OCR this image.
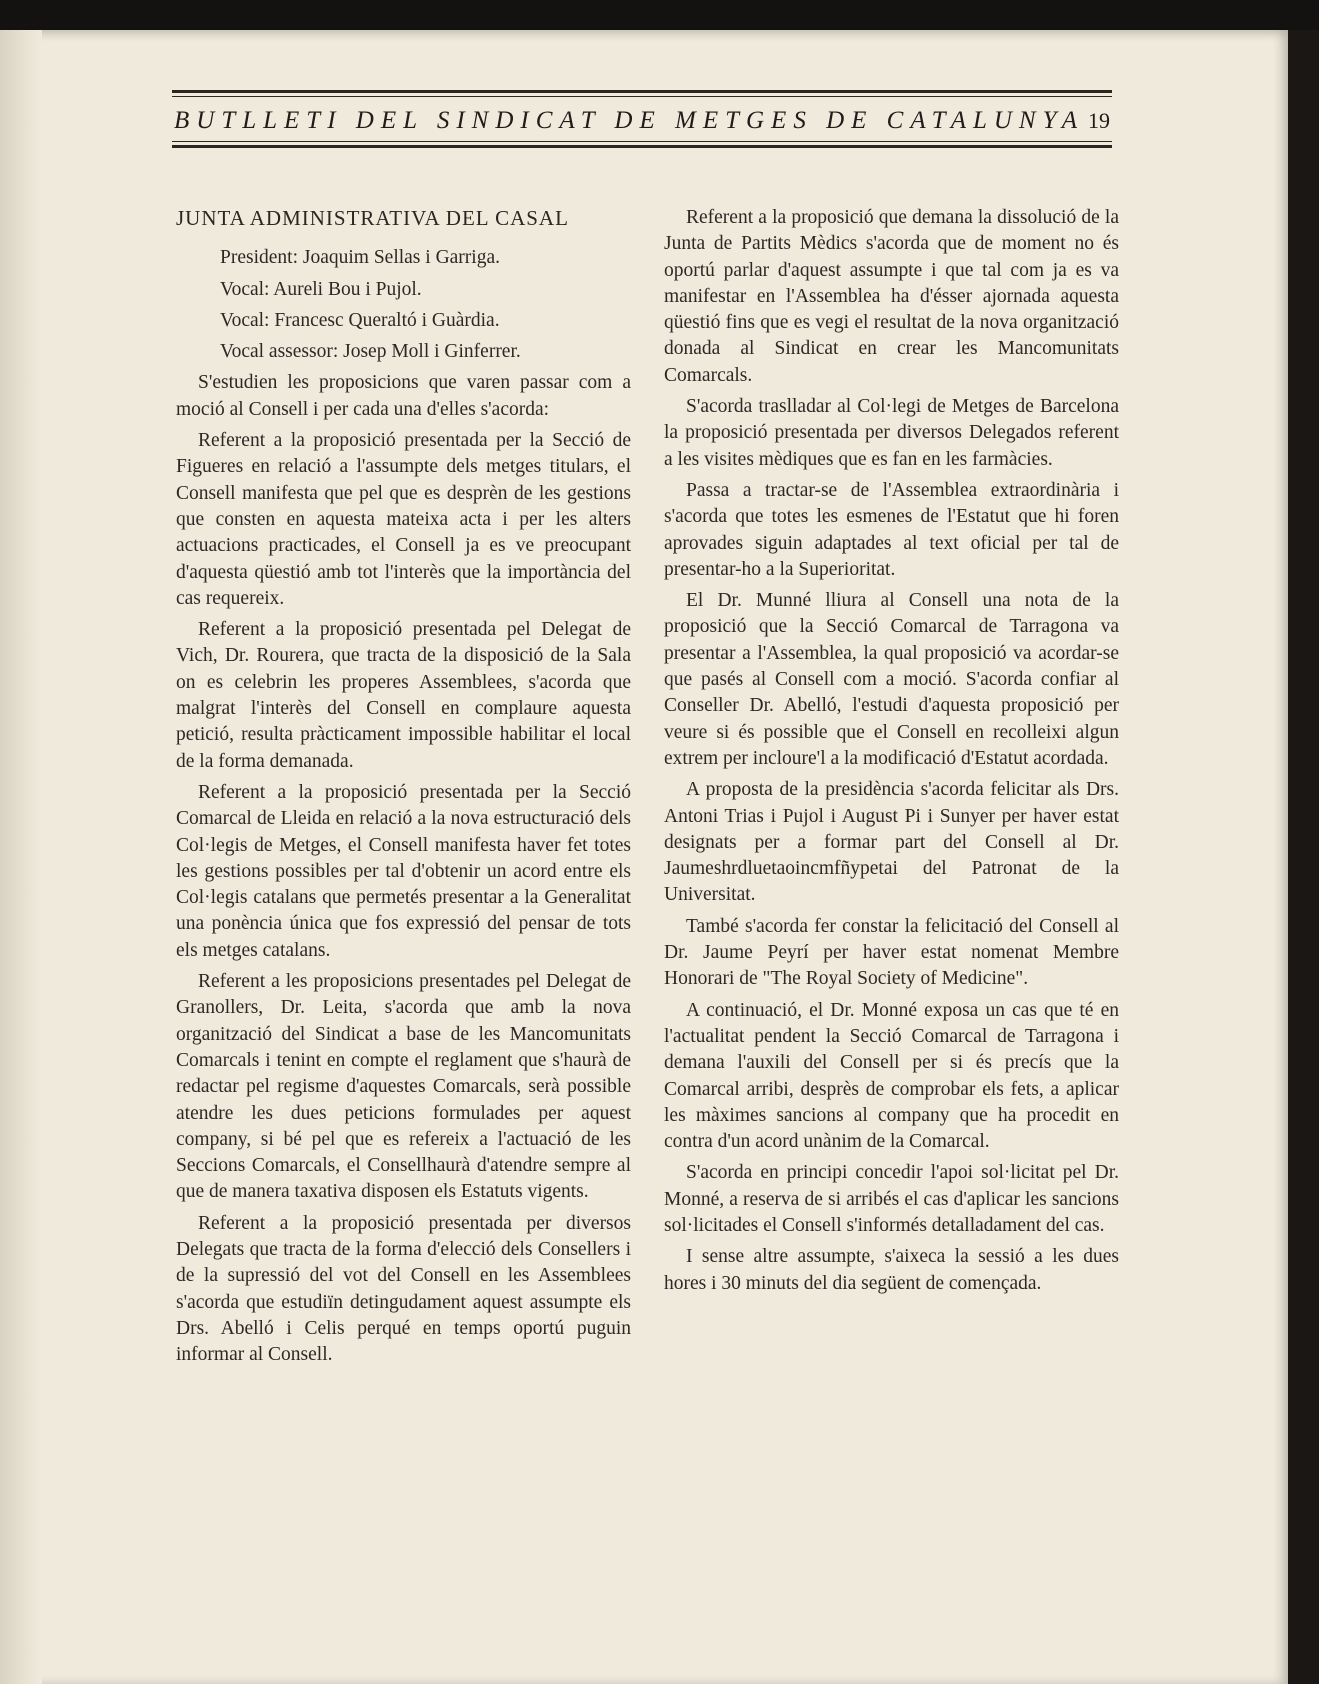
BUTLLETI DEL SINDICAT DE METGES DE CATALUNYA 19
JUNTA ADMINISTRATIVA DEL CASAL

President: Joaquim Sellas i Garriga.

Vocal: Aureli Bou i Pujol.

Vocal: Francesc Queraltó i Guàrdia.

Vocal assessor: Josep Moll i Ginferrer.

S'estudien les proposicions que varen passar com a moció al Consell i per cada una d'elles s'acorda:

Referent a la proposició presentada per la Secció de Figueres en relació a l'assumpte dels metges titulars, el Consell manifesta que pel que es desprèn de les gestions que consten en aquesta mateixa acta i per les alters actuacions practicades, el Consell ja es ve preocupant d'aquesta qüestió amb tot l'interès que la importància del cas requereix.

Referent a la proposició presentada pel Delegat de Vich, Dr. Rourera, que tracta de la disposició de la Sala on es celebrin les properes Assemblees, s'acorda que malgrat l'interès del Consell en complaure aquesta petició, resulta pràcticament impossible habilitar el local de la forma demanada.

Referent a la proposició presentada per la Secció Comarcal de Lleida en relació a la nova estructuració dels Col·legis de Metges, el Consell manifesta haver fet totes les gestions possibles per tal d'obtenir un acord entre els Col·legis catalans que permetés presentar a la Generalitat una ponència única que fos expressió del pensar de tots els metges catalans.

Referent a les proposicions presentades pel Delegat de Granollers, Dr. Leita, s'acorda que amb la nova organització del Sindicat a base de les Mancomunitats Comarcals i tenint en compte el reglament que s'haurà de redactar pel regisme d'aquestes Comarcals, serà possible atendre les dues peticions formulades per aquest company, si bé pel que es refereix a l'actuació de les Seccions Comarcals, el Consellhaurà d'atendre sempre al que de manera taxativa disposen els Estatuts vigents.

Referent a la proposició presentada per diversos Delegats que tracta de la forma d'elecció dels Consellers i de la supressió del vot del Consell en les Assemblees s'acorda que estudiïn detingudament aquest assumpte els Drs. Abelló i Celis perqué en temps oportú puguin informar al Consell.

Referent a la proposició que demana la dissolució de la Junta de Partits Mèdics s'acorda que de moment no és oportú parlar d'aquest assumpte i que tal com ja es va manifestar en l'Assemblea ha d'ésser ajornada aquesta qüestió fins que es vegi el resultat de la nova organització donada al Sindicat en crear les Mancomunitats Comarcals.

S'acorda traslladar al Col·legi de Metges de Barcelona la proposició presentada per diversos Delegados referent a les visites mèdiques que es fan en les farmàcies.

Passa a tractar-se de l'Assemblea extraordinària i s'acorda que totes les esmenes de l'Estatut que hi foren aprovades siguin adaptades al text oficial per tal de presentar-ho a la Superioritat.

El Dr. Munné lliura al Consell una nota de la proposició que la Secció Comarcal de Tarragona va presentar a l'Assemblea, la qual proposició va acordar-se que pasés al Consell com a moció. S'acorda confiar al Conseller Dr. Abelló, l'estudi d'aquesta proposició per veure si és possible que el Consell en recolleixi algun extrem per incloure'l a la modificació d'Estatut acordada.

A proposta de la presidència s'acorda felicitar als Drs. Antoni Trias i Pujol i August Pi i Sunyer per haver estat designats per a formar part del Consell al Dr. Jaumeshrdluetaoincmfñypetai del Patronat de la Universitat.

També s'acorda fer constar la felicitació del Consell al Dr. Jaume Peyrí per haver estat nomenat Membre Honorari de "The Royal Society of Medicine".

A continuació, el Dr. Monné exposa un cas que té en l'actualitat pendent la Secció Comarcal de Tarragona i demana l'auxili del Consell per si és precís que la Comarcal arribi, desprès de comprobar els fets, a aplicar les màximes sancions al company que ha procedit en contra d'un acord unànim de la Comarcal.

S'acorda en principi concedir l'apoi sol·licitat pel Dr. Monné, a reserva de si arribés el cas d'aplicar les sancions sol·licitades el Consell s'informés detalladament del cas.

I sense altre assumpte, s'aixeca la sessió a les dues hores i 30 minuts del dia següent de començada.
